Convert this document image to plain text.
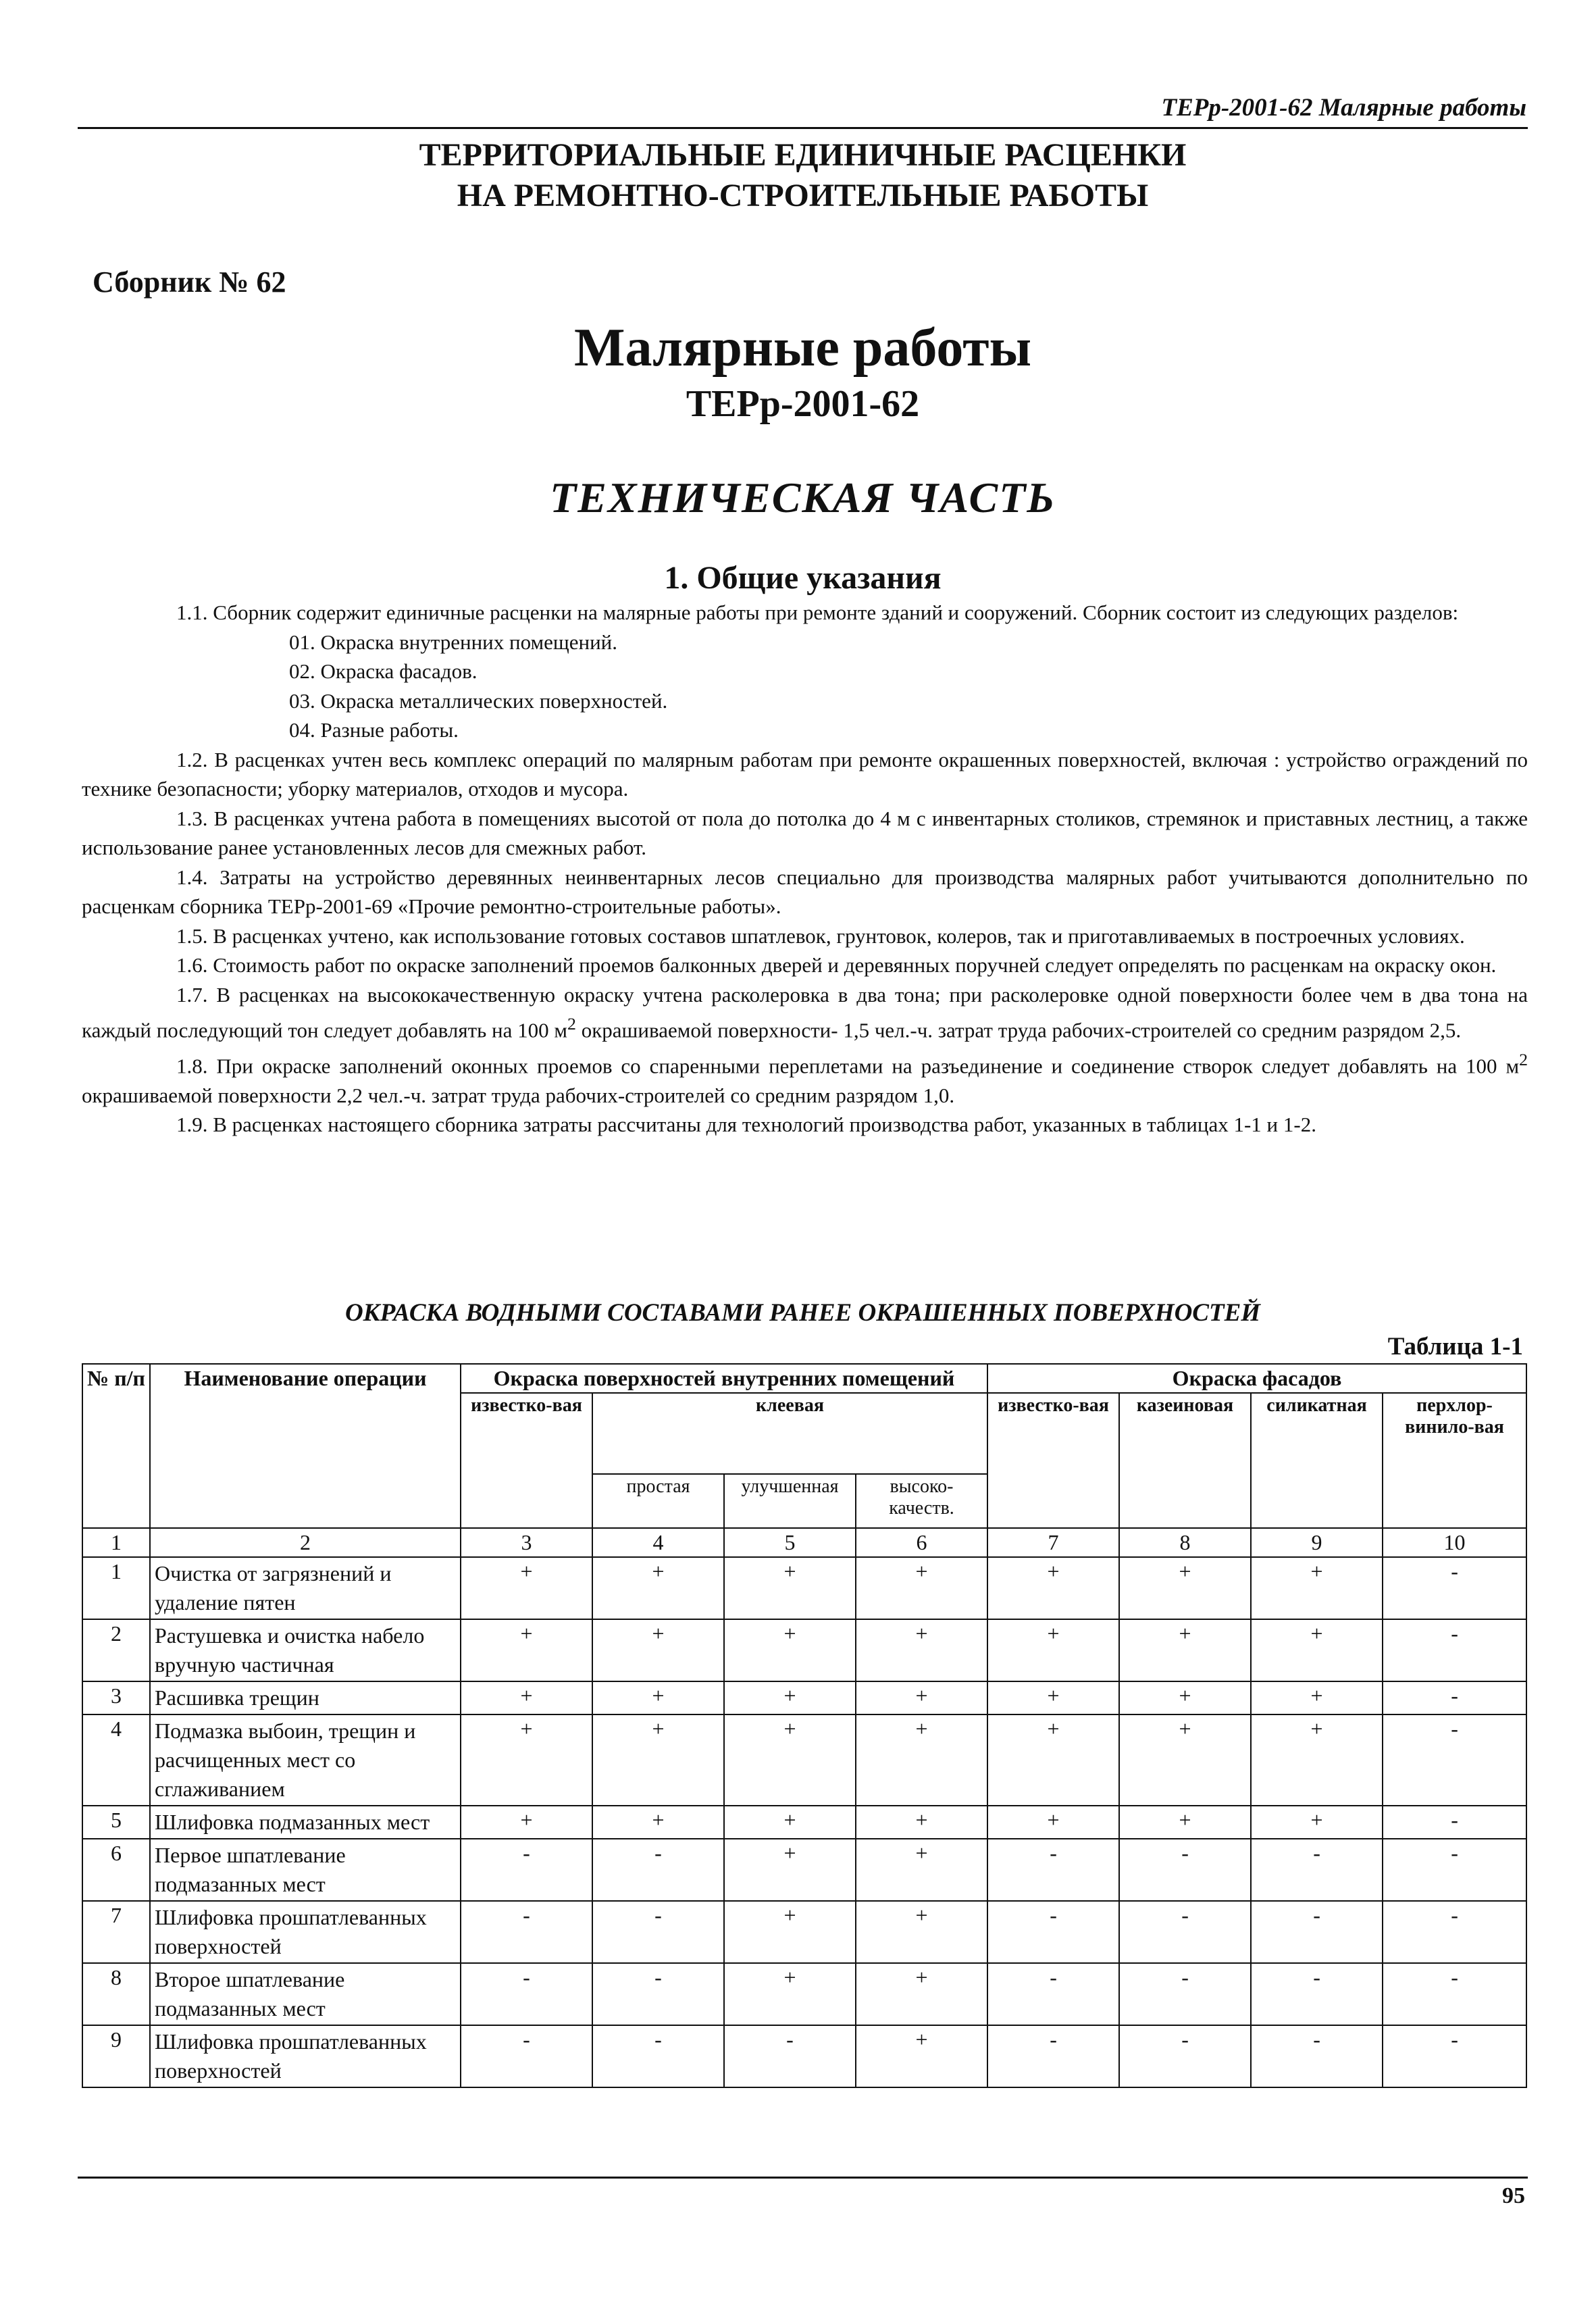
ТЕРр-2001-62 Малярные работы
ТЕРРИТОРИАЛЬНЫЕ ЕДИНИЧНЫЕ РАСЦЕНКИ
НА РЕМОНТНО-СТРОИТЕЛЬНЫЕ РАБОТЫ
Сборник № 62
Малярные работы
ТЕРр-2001-62
ТЕХНИЧЕСКАЯ ЧАСТЬ
1. Общие указания

1.1. Сборник содержит единичные расценки на малярные работы при ремонте зданий и сооружений. Сборник состоит из следующих разделов:

01. Окраска внутренних помещений.

02. Окраска фасадов.

03. Окраска металлических поверхностей.

04. Разные работы.

1.2. В расценках учтен весь комплекс операций по малярным работам при ремонте окрашенных поверхностей, включая : устройство ограждений по технике безопасности; уборку материалов, отходов и мусора.

1.3. В расценках учтена работа в помещениях высотой от пола до потолка до 4 м с инвентарных столиков, стремянок и приставных лестниц, а также использование ранее установленных лесов для смежных работ.

1.4. Затраты на устройство деревянных неинвентарных лесов специально для производства малярных работ учитываются дополнительно по расценкам сборника ТЕРр-2001-69 «Прочие ремонтно-строительные работы».

1.5. В расценках учтено, как использование готовых составов шпатлевок, грунтовок, колеров, так и приготавливаемых в построечных условиях.

1.6. Стоимость работ по окраске заполнений проемов балконных дверей и деревянных поручней следует определять по расценкам на окраску окон.

1.7. В расценках на высококачественную окраску учтена расколеровка в два тона; при расколеровке одной поверхности более чем в два тона на каждый последующий тон следует добавлять на 100 $м^2$ окрашиваемой поверхности- 1,5 чел.-ч. затрат труда рабочих-строителей со средним разрядом 2,5.

1.8. При окраске заполнений оконных проемов со спаренными переплетами на разъединение и соединение створок следует добавлять на 100 $м^2$ окрашиваемой поверхности 2,2 чел.-ч. затрат труда рабочих-строителей со средним разрядом 1,0.

1.9. В расценках настоящего сборника затраты рассчитаны для технологий производства работ, указанных в таблицах 1-1 и 1-2.

ОКРАСКА ВОДНЫМИ СОСТАВАМИ РАНЕЕ ОКРАШЕННЫХ ПОВЕРХНОСТЕЙ
Таблица 1-1
№ п/п	Наименование операции	Окраска поверхностей внутренних помещений				Окраска фасадов			
		известко-вая	клеевая			известко-вая	казеиновая	силикатная	перхлор-винило-вая
			простая	улучшенная	высоко-качеств.				
1	2	3	4	5	6	7	8	9	10
1	Очистка от загрязнений и удаление пятен	+	+	+	+	+	+	+	-
2	Растушевка и очистка набело вручную частичная	+	+	+	+	+	+	+	-
3	Расшивка трещин	+	+	+	+	+	+	+	-
4	Подмазка выбоин, трещин и расчищенных мест со сглаживанием	+	+	+	+	+	+	+	-
5	Шлифовка подмазанных мест	+	+	+	+	+	+	+	-
6	Первое шпатлевание подмазанных мест	-	-	+	+	-	-	-	-
7	Шлифовка прошпатлеванных поверхностей	-	-	+	+	-	-	-	-
8	Второе шпатлевание подмазанных мест	-	-	+	+	-	-	-	-
9	Шлифовка прошпатлеванных поверхностей	-	-	-	+	-	-	-	-
95
